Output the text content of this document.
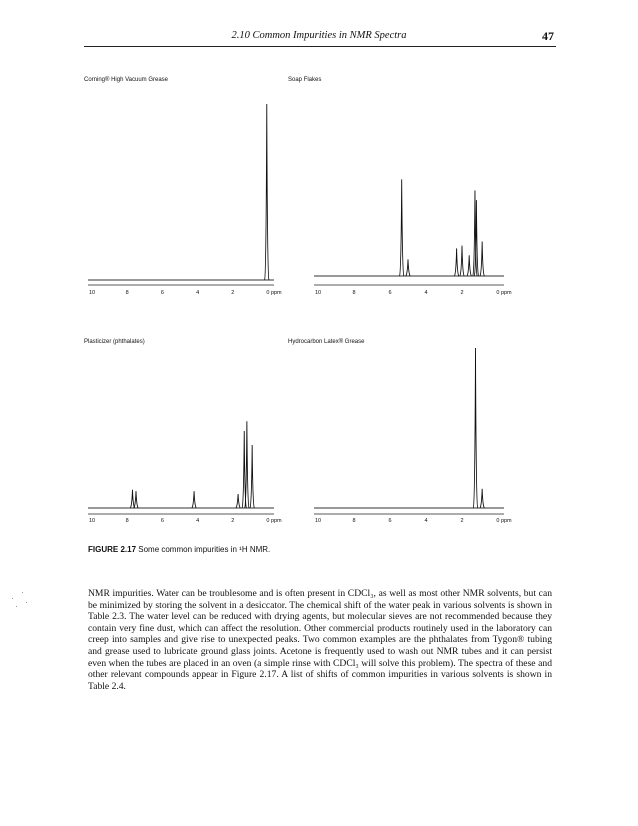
2.10 Common Impurities in NMR Spectra	47
Corning® High Vacuum Grease
10	8	6	4	2	0 ppm
Soap Flakes
10	8	6	4	2	0 ppm
Plasticizer (phthalates)
10	8	6	4	2	0 ppm
Hydrocarbon Latex® Grease
10	8	6	4	2	0 ppm
FIGURE 2.17 Some common impurities in ¹H NMR.

NMR impurities. Water can be troublesome and is often present in CDCl₃, as well as most other NMR solvents, but can be minimized by storing the solvent in a desiccator. The chemical shift of the water peak in various solvents is shown in Table 2.3. The water level can be reduced with drying agents, but molecular sieves are not recommended because they contain very fine dust, which can affect the resolution. Other commercial products routinely used in the laboratory can creep into samples and give rise to unexpected peaks. Two common examples are the phthalates from Tygon® tubing and grease used to lubricate ground glass joints. Acetone is frequently used to wash out NMR tubes and it can persist even when the tubes are placed in an oven (a simple rinse with CDCl₃ will solve this problem). The spectra of these and other relevant compounds appear in Figure 2.17. A list of shifts of common impurities in various solvents is shown in Table 2.4.
